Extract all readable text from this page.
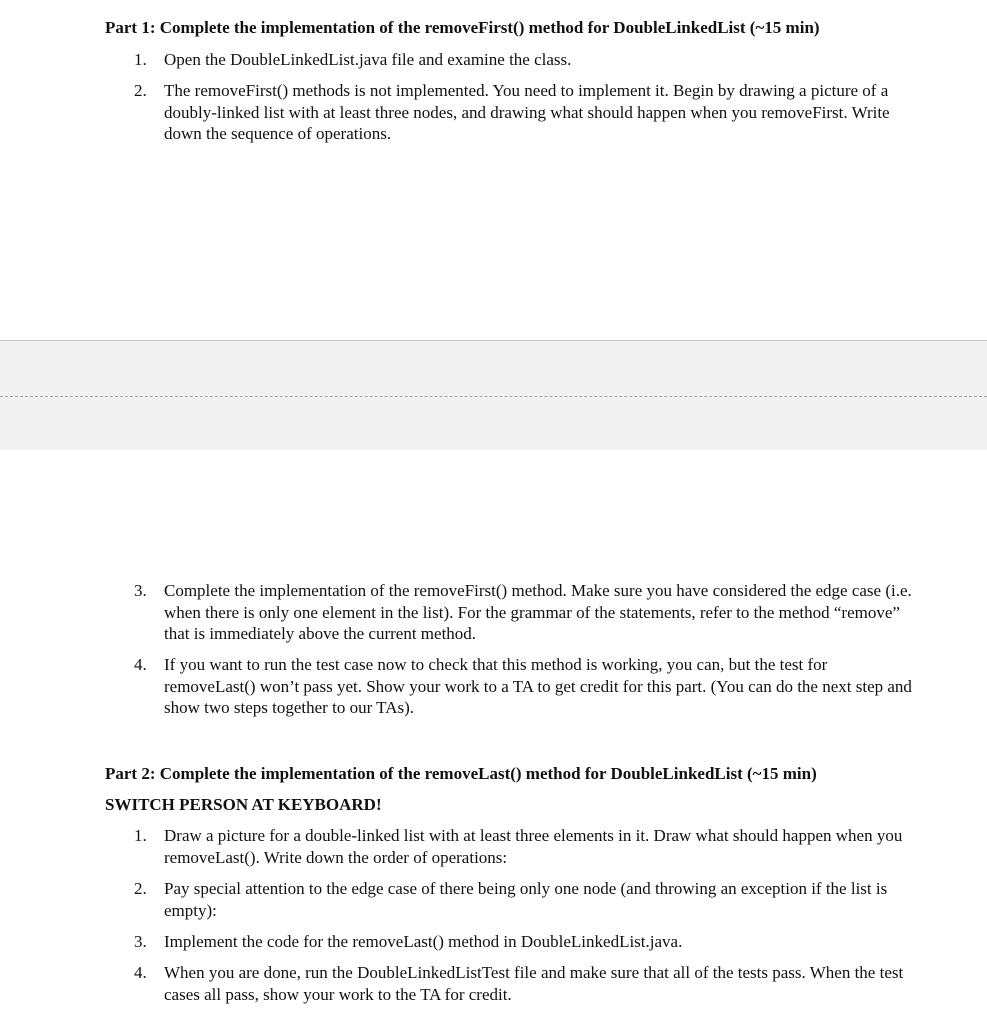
Part 1: Complete the implementation of the removeFirst() method for DoubleLinkedList (~15 min)
1.	Open the DoubleLinkedList.java file and examine the class.
2.	The removeFirst() methods is not implemented. You need to implement it. Begin by drawing a picture of a doubly-linked list with at least three nodes, and drawing what should happen when you removeFirst. Write down the sequence of operations.
3.	Complete the implementation of the removeFirst() method. Make sure you have considered the edge case (i.e. when there is only one element in the list). For the grammar of the statements, refer to the method “remove” that is immediately above the current method.
4.	If you want to run the test case now to check that this method is working, you can, but the test for removeLast() won’t pass yet. Show your work to a TA to get credit for this part. (You can do the next step and show two steps together to our TAs).
Part 2: Complete the implementation of the removeLast() method for DoubleLinkedList (~15 min)
SWITCH PERSON AT KEYBOARD!
1.	Draw a picture for a double-linked list with at least three elements in it. Draw what should happen when you removeLast(). Write down the order of operations:
2.	Pay special attention to the edge case of there being only one node (and throwing an exception if the list is empty):
3.	Implement the code for the removeLast() method in DoubleLinkedList.java.
4.	When you are done, run the DoubleLinkedListTest file and make sure that all of the tests pass. When the test cases all pass, show your work to the TA for credit.
